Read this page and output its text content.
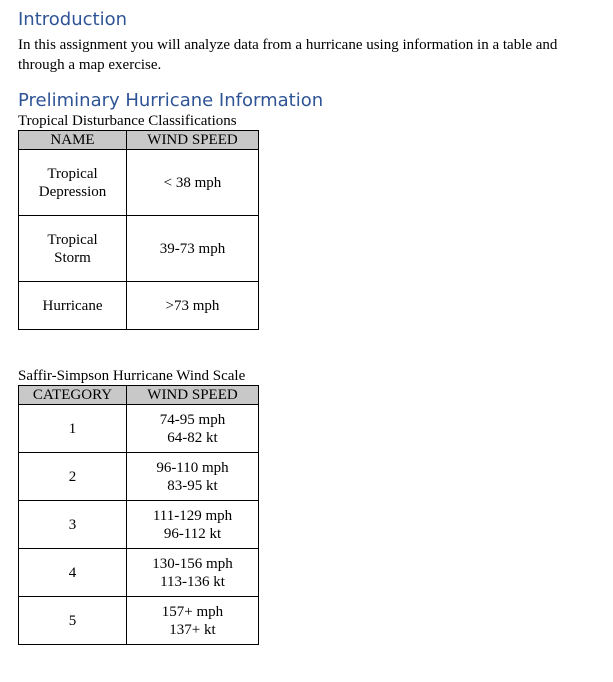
Introduction

In this assignment you will analyze data from a hurricane using information in a table and through a map exercise.

Preliminary Hurricane Information

Tropical Disturbance Classifications

NAME	WIND SPEED

Tropical
Depression	< 38 mph

Tropical
Storm	39-73 mph
Hurricane	>73 mph

Saffir-Simpson Hurricane Wind Scale

CATEGORY	WIND SPEED
1	74-95 mph
64-82 kt

2	96-110 mph
83-95 kt

3	111-129 mph
96-112 kt

4	130-156 mph
113-136 kt

5	157+ mph
137+ kt
